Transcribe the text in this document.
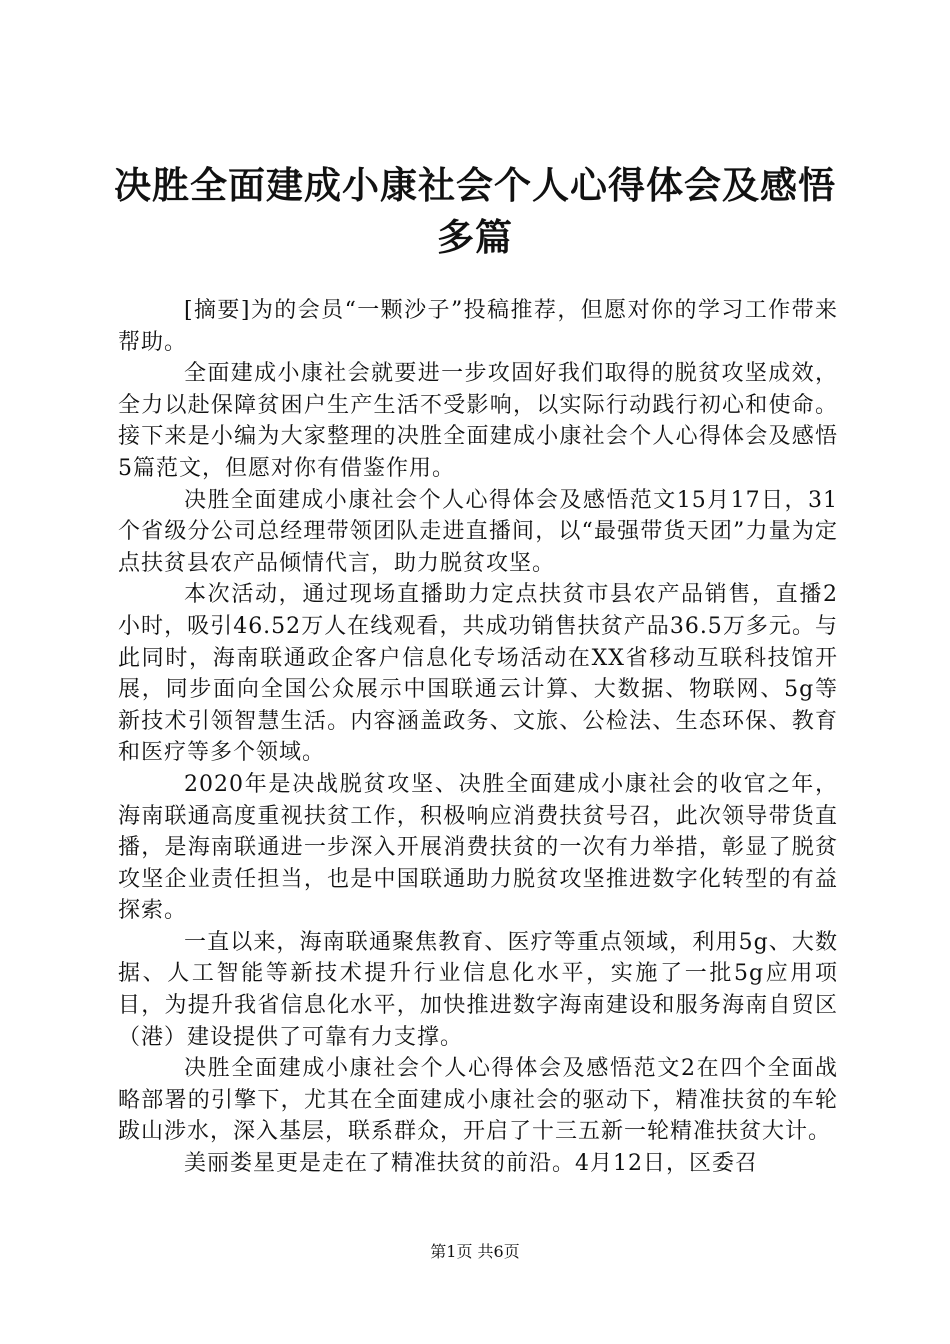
决胜全面建成小康社会个人心得体会及感悟多篇

[摘要]为的会员“一颗沙子”投稿推荐，但愿对你的学习工作带来帮助。

全面建成小康社会就要进一步攻固好我们取得的脱贫攻坚成效，全力以赴保障贫困户生产生活不受影响，以实际行动践行初心和使命。接下来是小编为大家整理的决胜全面建成小康社会个人心得体会及感悟5篇范文，但愿对你有借鉴作用。

决胜全面建成小康社会个人心得体会及感悟范文15月17日，31个省级分公司总经理带领团队走进直播间，以“最强带货天团”力量为定点扶贫县农产品倾情代言，助力脱贫攻坚。

本次活动，通过现场直播助力定点扶贫市县农产品销售，直播2小时，吸引46.52万人在线观看，共成功销售扶贫产品36.5万多元。与此同时，海南联通政企客户信息化专场活动在XX省移动互联科技馆开展，同步面向全国公众展示中国联通云计算、大数据、物联网、5g等新技术引领智慧生活。内容涵盖政务、文旅、公检法、生态环保、教育和医疗等多个领域。

2020年是决战脱贫攻坚、决胜全面建成小康社会的收官之年，海南联通高度重视扶贫工作，积极响应消费扶贫号召，此次领导带货直播，是海南联通进一步深入开展消费扶贫的一次有力举措，彰显了脱贫攻坚企业责任担当，也是中国联通助力脱贫攻坚推进数字化转型的有益探索。

一直以来，海南联通聚焦教育、医疗等重点领域，利用5g、大数据、人工智能等新技术提升行业信息化水平，实施了一批5g应用项目，为提升我省信息化水平，加快推进数字海南建设和服务海南自贸区（港）建设提供了可靠有力支撑。

决胜全面建成小康社会个人心得体会及感悟范文2在四个全面战略部署的引擎下，尤其在全面建成小康社会的驱动下，精准扶贫的车轮跋山涉水，深入基层，联系群众，开启了十三五新一轮精准扶贫大计。

美丽娄星更是走在了精准扶贫的前沿。4月12日，区委召

第1页 共6页
